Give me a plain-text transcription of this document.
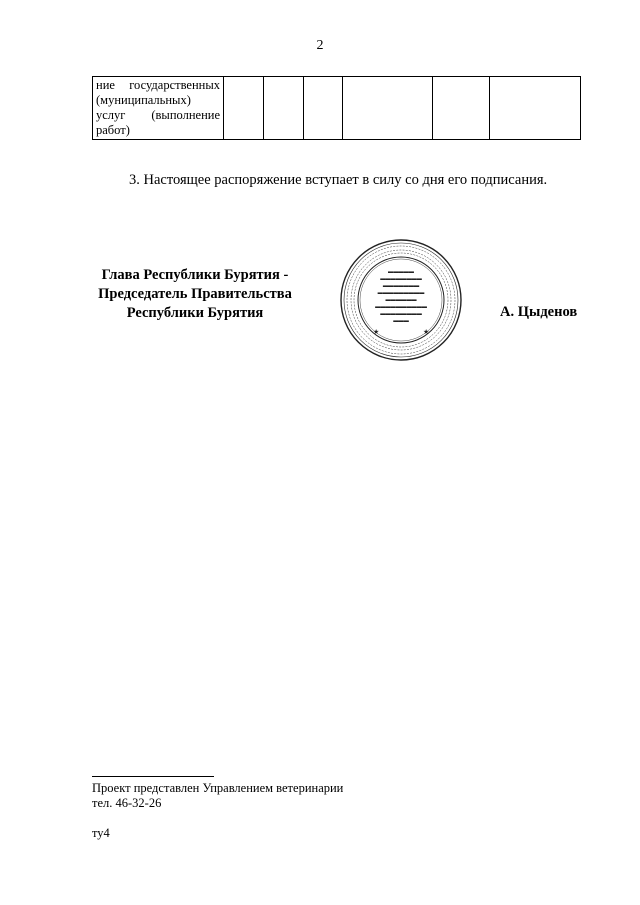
2
ние государственных
(муниципальных)
услуг (выполнение
работ)

3. Настоящее распоряжение вступает в силу со дня его подписания.
Глава Республики Бурятия -
Председатель Правительства
Республики Бурятия
▬▬▬▬▬
▬▬▬▬▬▬▬▬
▬▬▬▬▬▬▬
▬▬▬▬▬▬▬▬▬
▬▬▬▬▬▬
▬▬▬▬▬▬▬▬▬▬
▬▬▬▬▬▬▬▬
▬▬▬
★	★
А. Цыденов
Проект представлен Управлением ветеринарии
тел. 46-32-26
ту4
